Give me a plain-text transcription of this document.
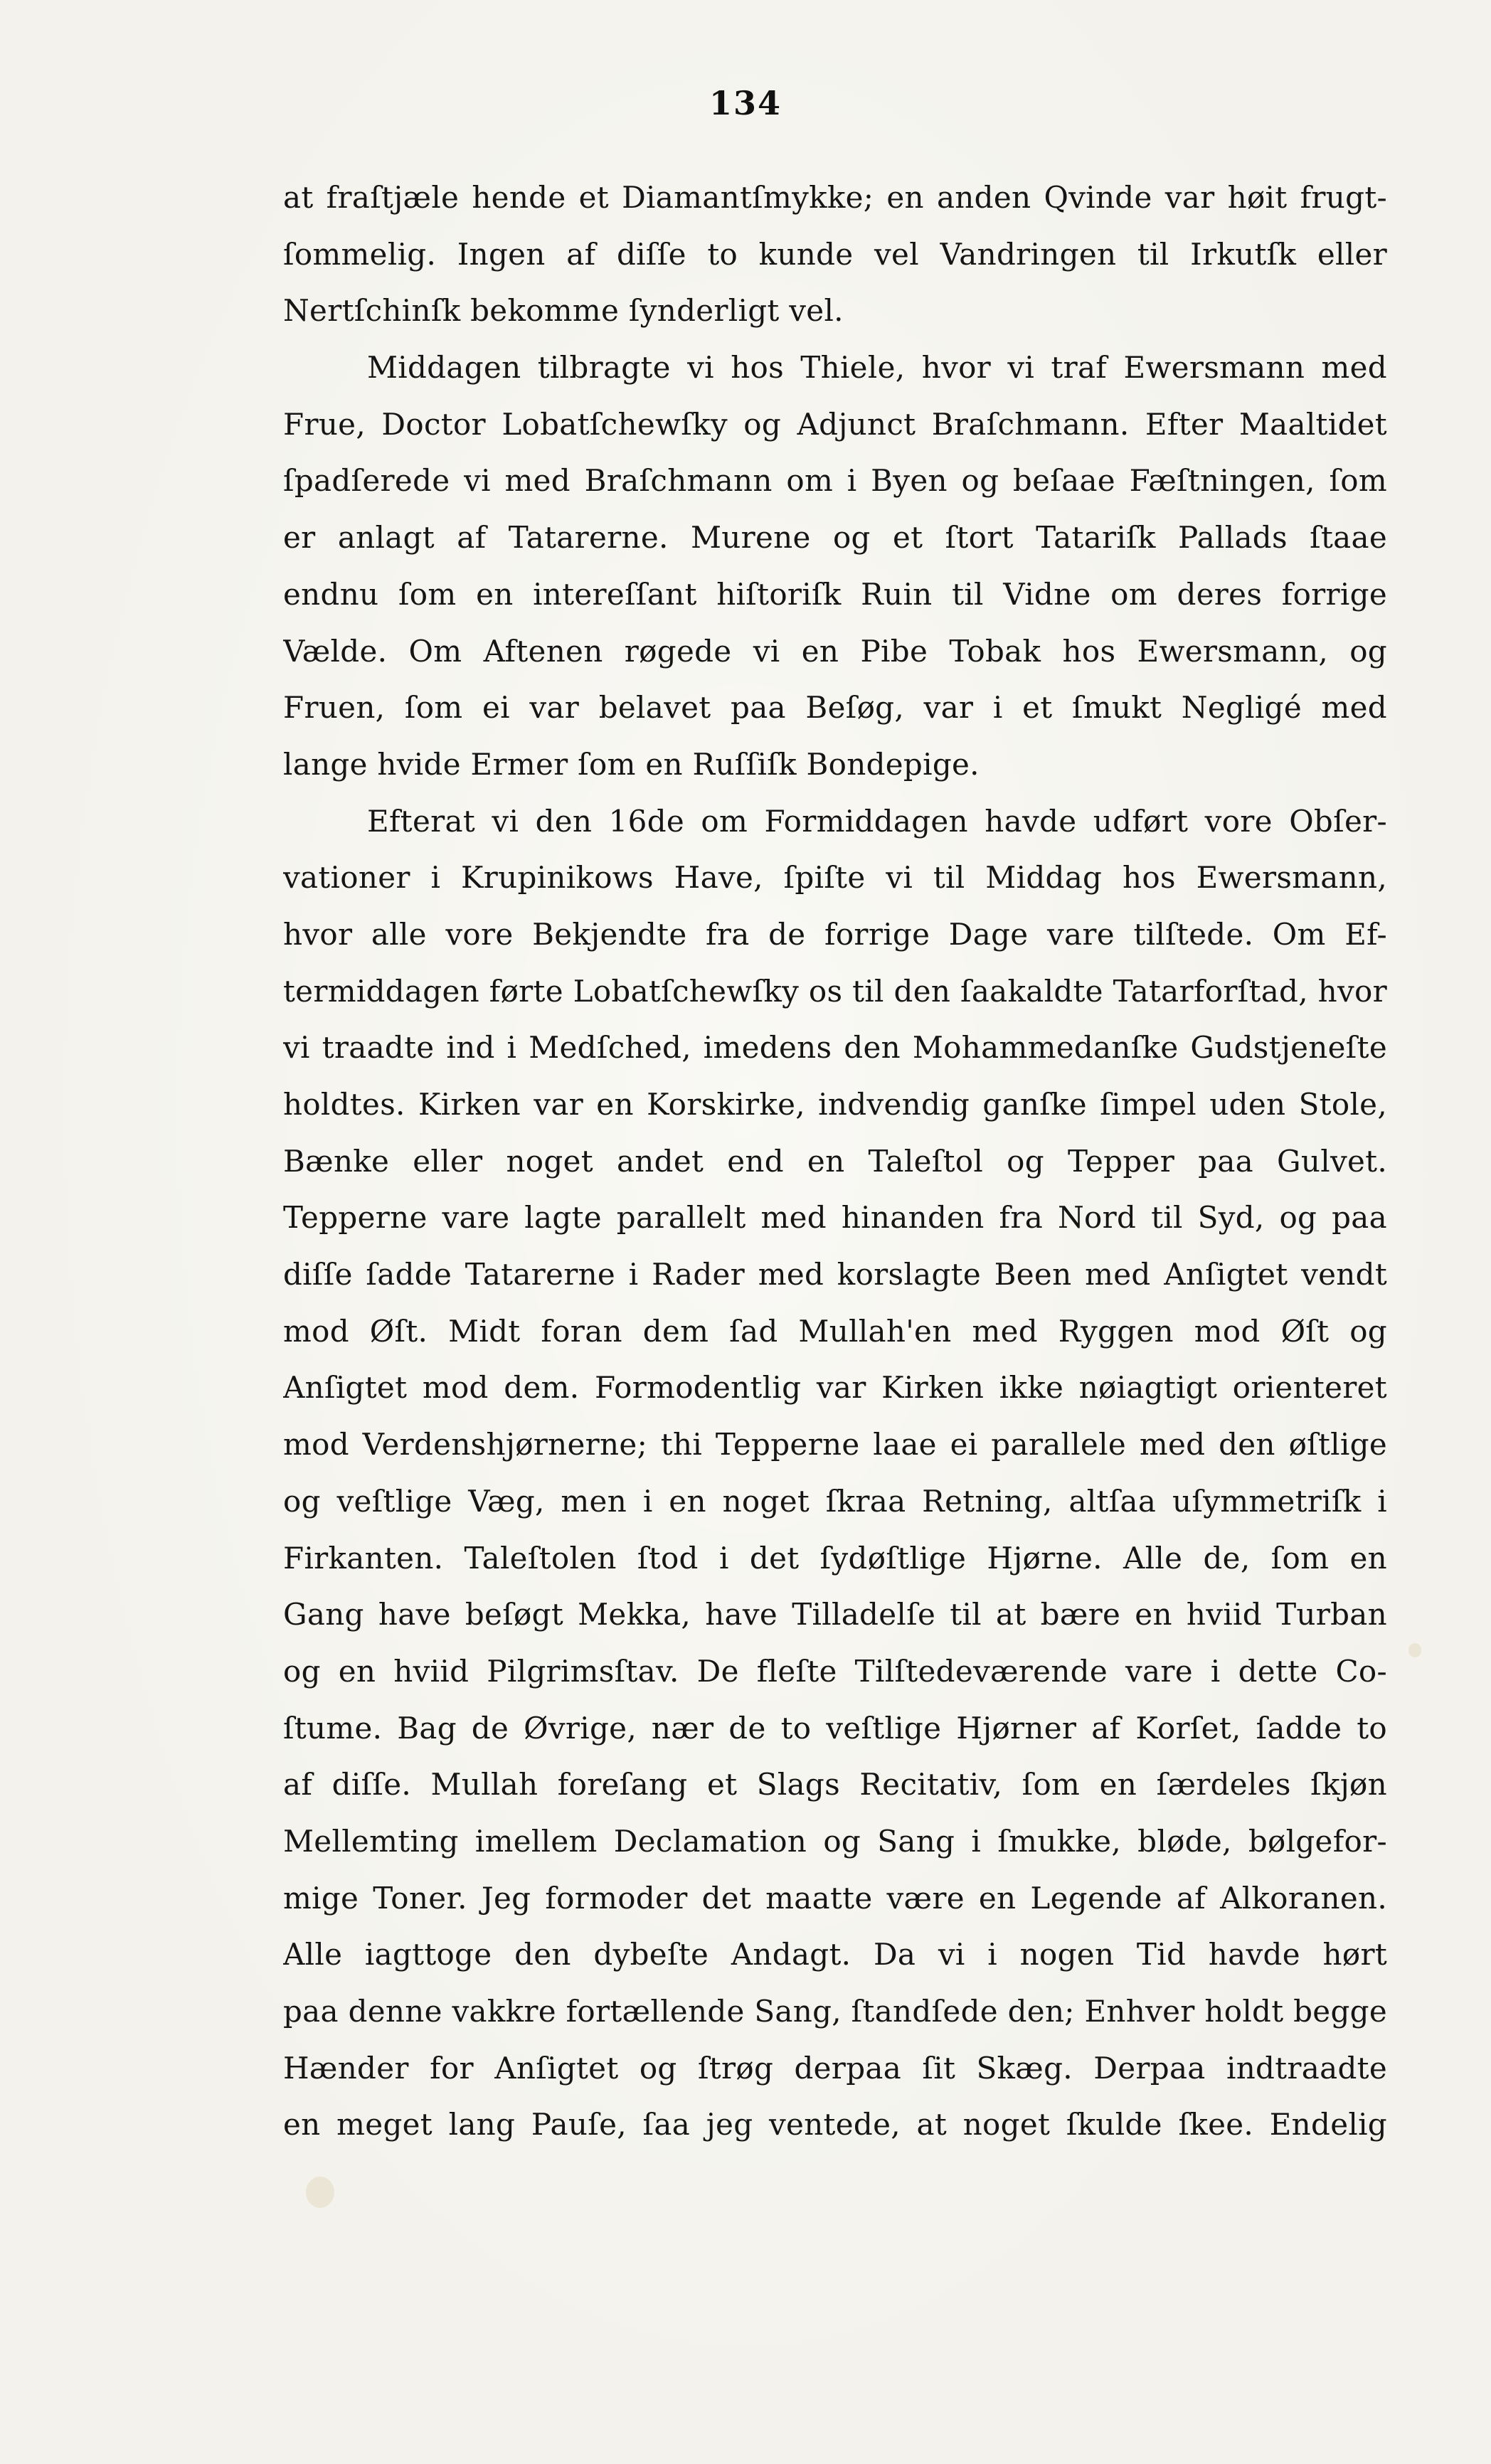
134
at fraſtjæle hende et Diamantſmykke; en anden Qvinde var høit frugt-
ſommelig. Ingen af diſſe to kunde vel Vandringen til Irkutſk eller
Nertſchinſk bekomme ſynderligt vel.
Middagen tilbragte vi hos Thiele, hvor vi traf Ewersmann med
Frue, Doctor Lobatſchewſky og Adjunct Braſchmann. Efter Maaltidet
ſpadſerede vi med Braſchmann om i Byen og beſaae Fæſtningen, ſom
er anlagt af Tatarerne. Murene og et ſtort Tatariſk Pallads ſtaae
endnu ſom en intereſſant hiſtoriſk Ruin til Vidne om deres forrige
Vælde. Om Aftenen røgede vi en Pibe Tobak hos Ewersmann, og
Fruen, ſom ei var belavet paa Beſøg, var i et ſmukt Negligé med
lange hvide Ermer ſom en Ruſſiſk Bondepige.
Efterat vi den 16de om Formiddagen havde udført vore Obſer-
vationer i Krupinikows Have, ſpiſte vi til Middag hos Ewersmann,
hvor alle vore Bekjendte fra de forrige Dage vare tilſtede. Om Ef-
termiddagen førte Lobatſchewſky os til den ſaakaldte Tatarforſtad, hvor
vi traadte ind i Medſched, imedens den Mohammedanſke Gudstjeneſte
holdtes. Kirken var en Korskirke, indvendig ganſke ſimpel uden Stole,
Bænke eller noget andet end en Taleſtol og Tepper paa Gulvet.
Tepperne vare lagte parallelt med hinanden fra Nord til Syd, og paa
diſſe ſadde Tatarerne i Rader med korslagte Been med Anſigtet vendt
mod Øſt. Midt foran dem ſad Mullah'en med Ryggen mod Øſt og
Anſigtet mod dem. Formodentlig var Kirken ikke nøiagtigt orienteret
mod Verdenshjørnerne; thi Tepperne laae ei parallele med den øſtlige
og veſtlige Væg, men i en noget ſkraa Retning, altſaa uſymmetriſk i
Firkanten. Taleſtolen ſtod i det ſydøſtlige Hjørne. Alle de, ſom en
Gang have beſøgt Mekka, have Tilladelſe til at bære en hviid Turban
og en hviid Pilgrimsſtav. De fleſte Tilſtedeværende vare i dette Co-
ſtume. Bag de Øvrige, nær de to veſtlige Hjørner af Korſet, ſadde to
af diſſe. Mullah foreſang et Slags Recitativ, ſom en ſærdeles ſkjøn
Mellemting imellem Declamation og Sang i ſmukke, bløde, bølgefor-
mige Toner. Jeg formoder det maatte være en Legende af Alkoranen.
Alle iagttoge den dybeſte Andagt. Da vi i nogen Tid havde hørt
paa denne vakkre fortællende Sang, ſtandſede den; Enhver holdt begge
Hænder for Anſigtet og ſtrøg derpaa ſit Skæg. Derpaa indtraadte
en meget lang Pauſe, ſaa jeg ventede, at noget ſkulde ſkee. Endelig
